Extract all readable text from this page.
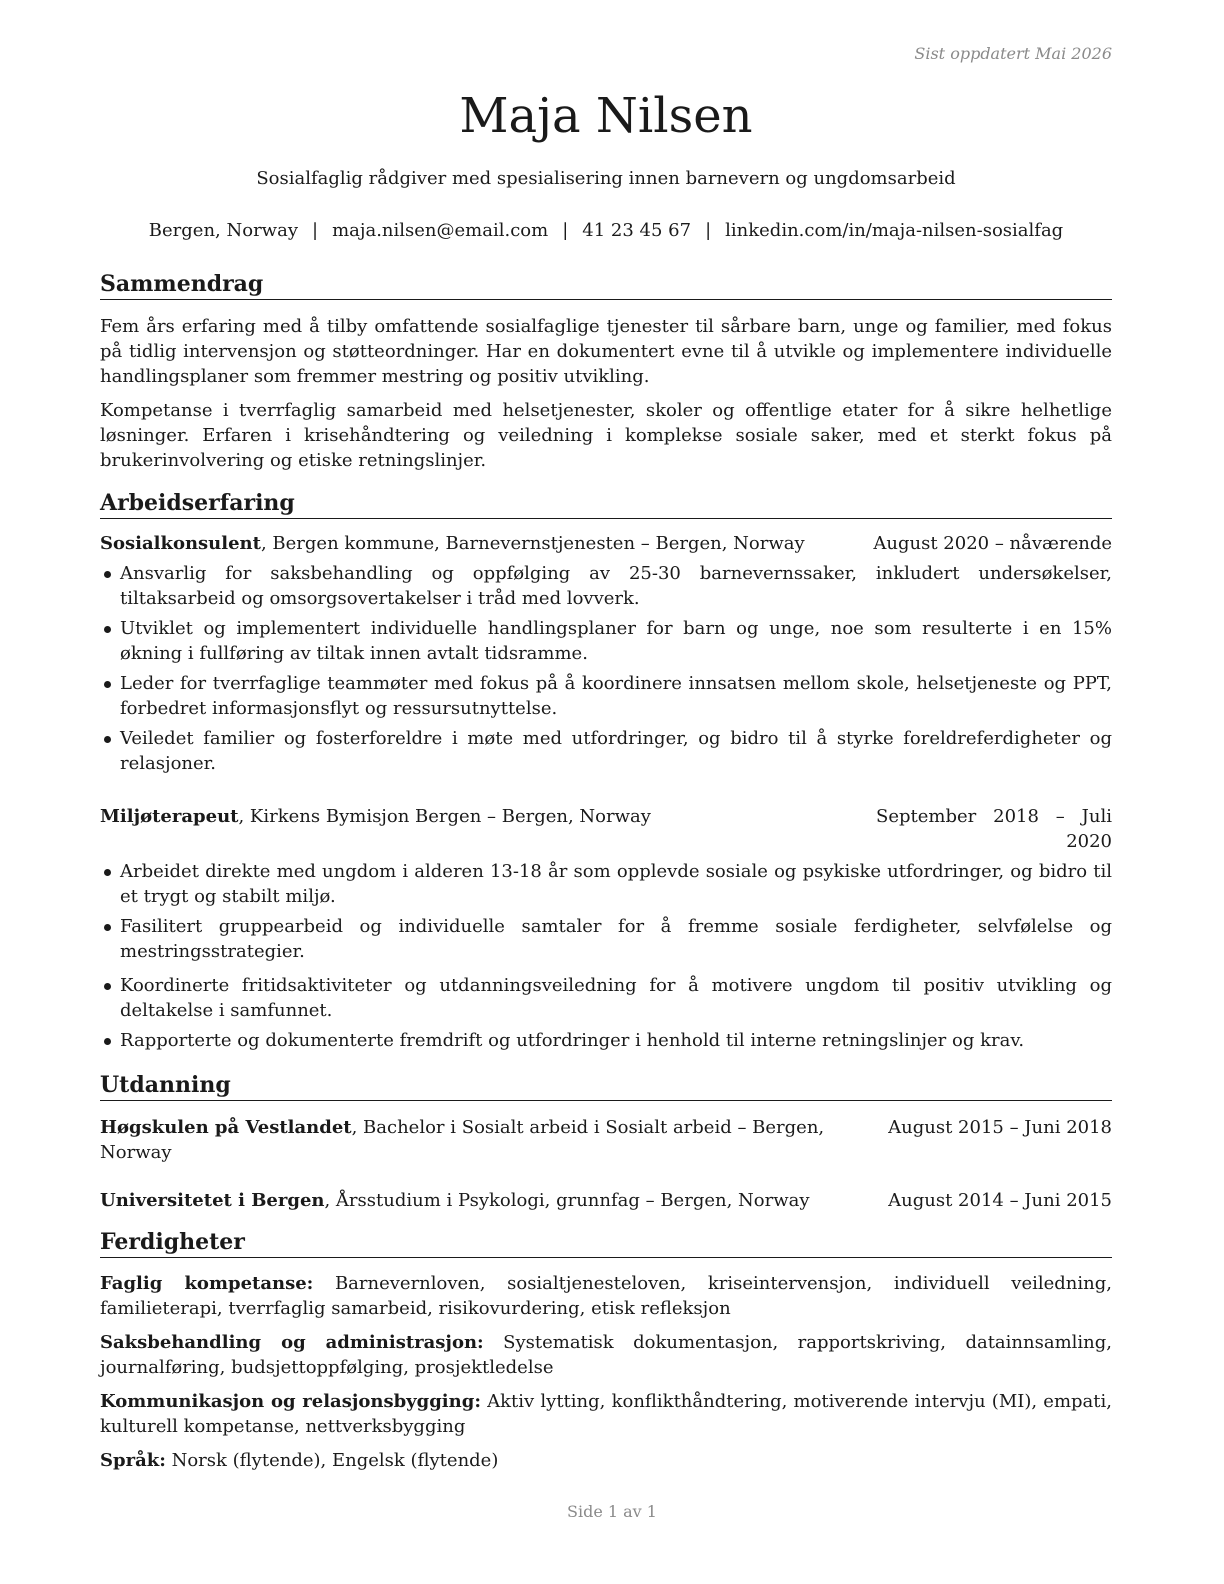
Sist oppdatert Mai 2026
Maja Nilsen
Sosialfaglig rådgiver med spesialisering innen barnevern og ungdomsarbeid
Bergen, Norway | maja.nilsen@email.com | 41 23 45 67 | linkedin.com/in/maja-nilsen-sosialfag
Sammendrag

Fem års erfaring med å tilby omfattende sosialfaglige tjenester til sårbare barn, unge og familier, med fokus på tidlig intervensjon og støtteordninger. Har en dokumentert evne til å utvikle og implementere individuelle handlingsplaner som fremmer mestring og positiv utvikling.

Kompetanse i tverrfaglig samarbeid med helsetjenester, skoler og offentlige etater for å sikre helhetlige løsninger. Erfaren i krisehåndtering og veiledning i komplekse sosiale saker, med et sterkt fokus på brukerinvolvering og etiske retningslinjer.

Arbeidserfaring
Sosialkonsulent, Bergen kommune, Barnevernstjenesten – Bergen, Norway	August 2020 – nåværende
Ansvarlig for saksbehandling og oppfølging av 25-30 barnevernssaker, inkludert undersøkelser, tiltaksarbeid og omsorgsovertakelser i tråd med lovverk.
Utviklet og implementert individuelle handlingsplaner for barn og unge, noe som resulterte i en 15% økning i fullføring av tiltak innen avtalt tidsramme.
Leder for tverrfaglige teammøter med fokus på å koordinere innsatsen mellom skole, helsetjeneste og PPT, forbedret informasjonsflyt og ressursutnyttelse.
Veiledet familier og fosterforeldre i møte med utfordringer, og bidro til å styrke foreldreferdigheter og relasjoner.
Miljøterapeut, Kirkens Bymisjon Bergen – Bergen, Norway	September 2018 – Juli 2020
Arbeidet direkte med ungdom i alderen 13-18 år som opplevde sosiale og psykiske utfordringer, og bidro til et trygt og stabilt miljø.
Fasilitert gruppearbeid og individuelle samtaler for å fremme sosiale ferdigheter, selvfølelse og mestringsstrategier.
Koordinerte fritidsaktiviteter og utdanningsveiledning for å motivere ungdom til positiv utvikling og deltakelse i samfunnet.
Rapporterte og dokumenterte fremdrift og utfordringer i henhold til interne retningslinjer og krav.
Utdanning
Høgskulen på Vestlandet, Bachelor i Sosialt arbeid i Sosialt arbeid – Bergen, Norway
August 2015 – Juni 2018
Universitetet i Bergen, Årsstudium i Psykologi, grunnfag – Bergen, Norway	August 2014 – Juni 2015
Ferdigheter

Faglig kompetanse: Barnevernloven, sosialtjenesteloven, kriseintervensjon, individuell veiledning, familieterapi, tverrfaglig samarbeid, risikovurdering, etisk refleksjon

Saksbehandling og administrasjon: Systematisk dokumentasjon, rapportskriving, datainnsamling, journalføring, budsjettoppfølging, prosjektledelse

Kommunikasjon og relasjonsbygging: Aktiv lytting, konflikthåndtering, motiverende intervju (MI), empati, kulturell kompetanse, nettverksbygging

Språk: Norsk (flytende), Engelsk (flytende)

Side 1 av 1
